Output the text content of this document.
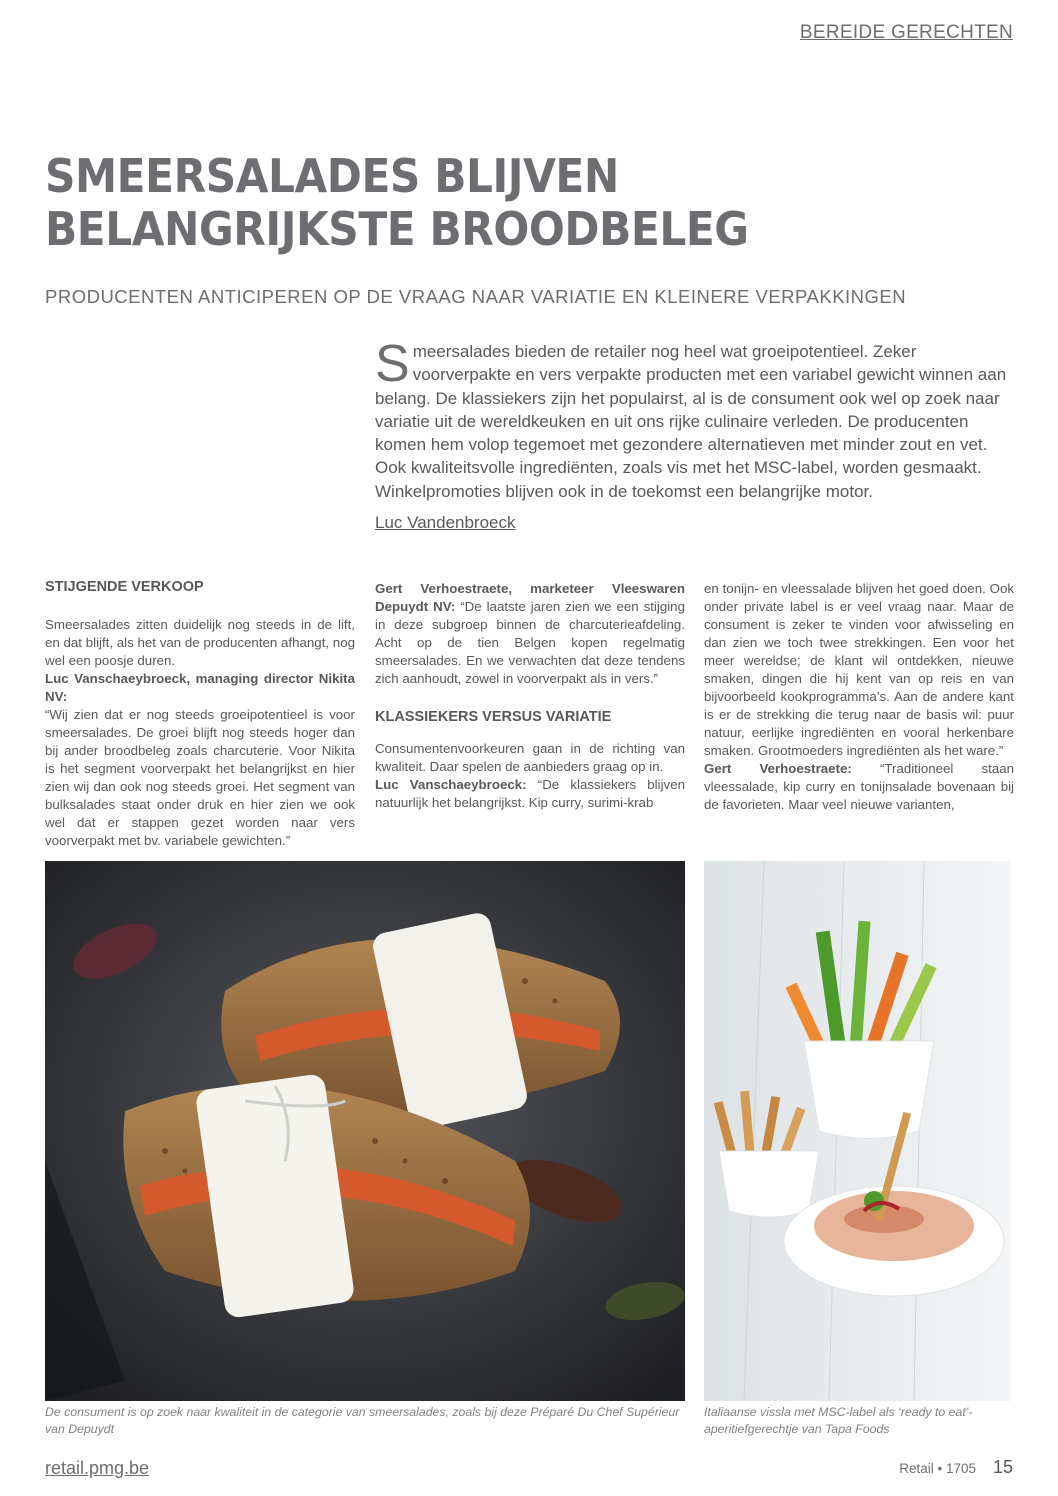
BEREIDE GERECHTEN
SMEERSALADES BLIJVEN
BELANGRIJKSTE BROODBELEG
PRODUCENTEN ANTICIPEREN OP DE VRAAG NAAR VARIATIE EN KLEINERE VERPAKKINGEN

Smeersalades bieden de retailer nog heel wat groeipotentieel. Zeker voorverpakte en vers verpakte producten met een variabel gewicht winnen aan belang. De klassiekers zijn het populairst, al is de consument ook wel op zoek naar variatie uit de wereldkeuken en uit ons rijke culinaire verleden. De producenten komen hem volop tegemoet met gezondere alternatieven met minder zout en vet. Ook kwaliteitsvolle ingrediënten, zoals vis met het MSC-label, worden gesmaakt. Winkelpromoties blijven ook in de toekomst een belangrijke motor.

Luc Vandenbroeck
STIJGENDE VERKOOP

Smeersalades zitten duidelijk nog steeds in de lift, en dat blijft, als het van de producenten afhangt, nog wel een poosje duren.
Luc Vanschaeybroeck, managing director Nikita NV:
“Wij zien dat er nog steeds groeipotentieel is voor smeersalades. De groei blijft nog steeds hoger dan bij ander broodbeleg zoals charcuterie. Voor Nikita is het segment voorverpakt het belangrijkst en hier zien wij dan ook nog steeds groei. Het segment van bulksalades staat onder druk en hier zien we ook wel dat er stappen gezet worden naar vers voorverpakt met bv. variabele gewichten.”

Gert Verhoestraete, marketeer Vleeswaren Depuydt NV: “De laatste jaren zien we een stijging in deze subgroep binnen de charcuterieafdeling. Acht op de tien Belgen kopen regelmatig smeersalades. En we verwachten dat deze tendens zich aanhoudt, zowel in voorverpakt als in vers.”

KLASSIEKERS VERSUS VARIATIE

Consumentenvoorkeuren gaan in de richting van kwaliteit. Daar spelen de aanbieders graag op in.
Luc Vanschaeybroeck: “De klassiekers blijven natuurlijk het belangrijkst. Kip curry, surimi-krab

en tonijn- en vleessalade blijven het goed doen. Ook onder private label is er veel vraag naar. Maar de consument is zeker te vinden voor afwisseling en dan zien we toch twee strekkingen. Een voor het meer wereldse; de klant wil ontdekken, nieuwe smaken, dingen die hij kent van op reis en van bijvoorbeeld kookprogramma’s. Aan de andere kant is er de strekking die terug naar de basis wil: puur natuur, eerlijke ingrediënten en vooral herkenbare smaken. Grootmoeders ingrediënten als het ware.”
Gert Verhoestraete: “Traditioneel staan vleessalade, kip curry en tonijnsalade bovenaan bij de favorieten. Maar veel nieuwe varianten,

De consument is op zoek naar kwaliteit in de categorie van smeersalades, zoals bij deze Préparé Du Chef Supérieur van Depuydt
Italiaanse vissla met MSC-label als ‘ready to eat’-aperitiefgerechtje van Tapa Foods
retail.pmg.be	Retail • 1705 15
